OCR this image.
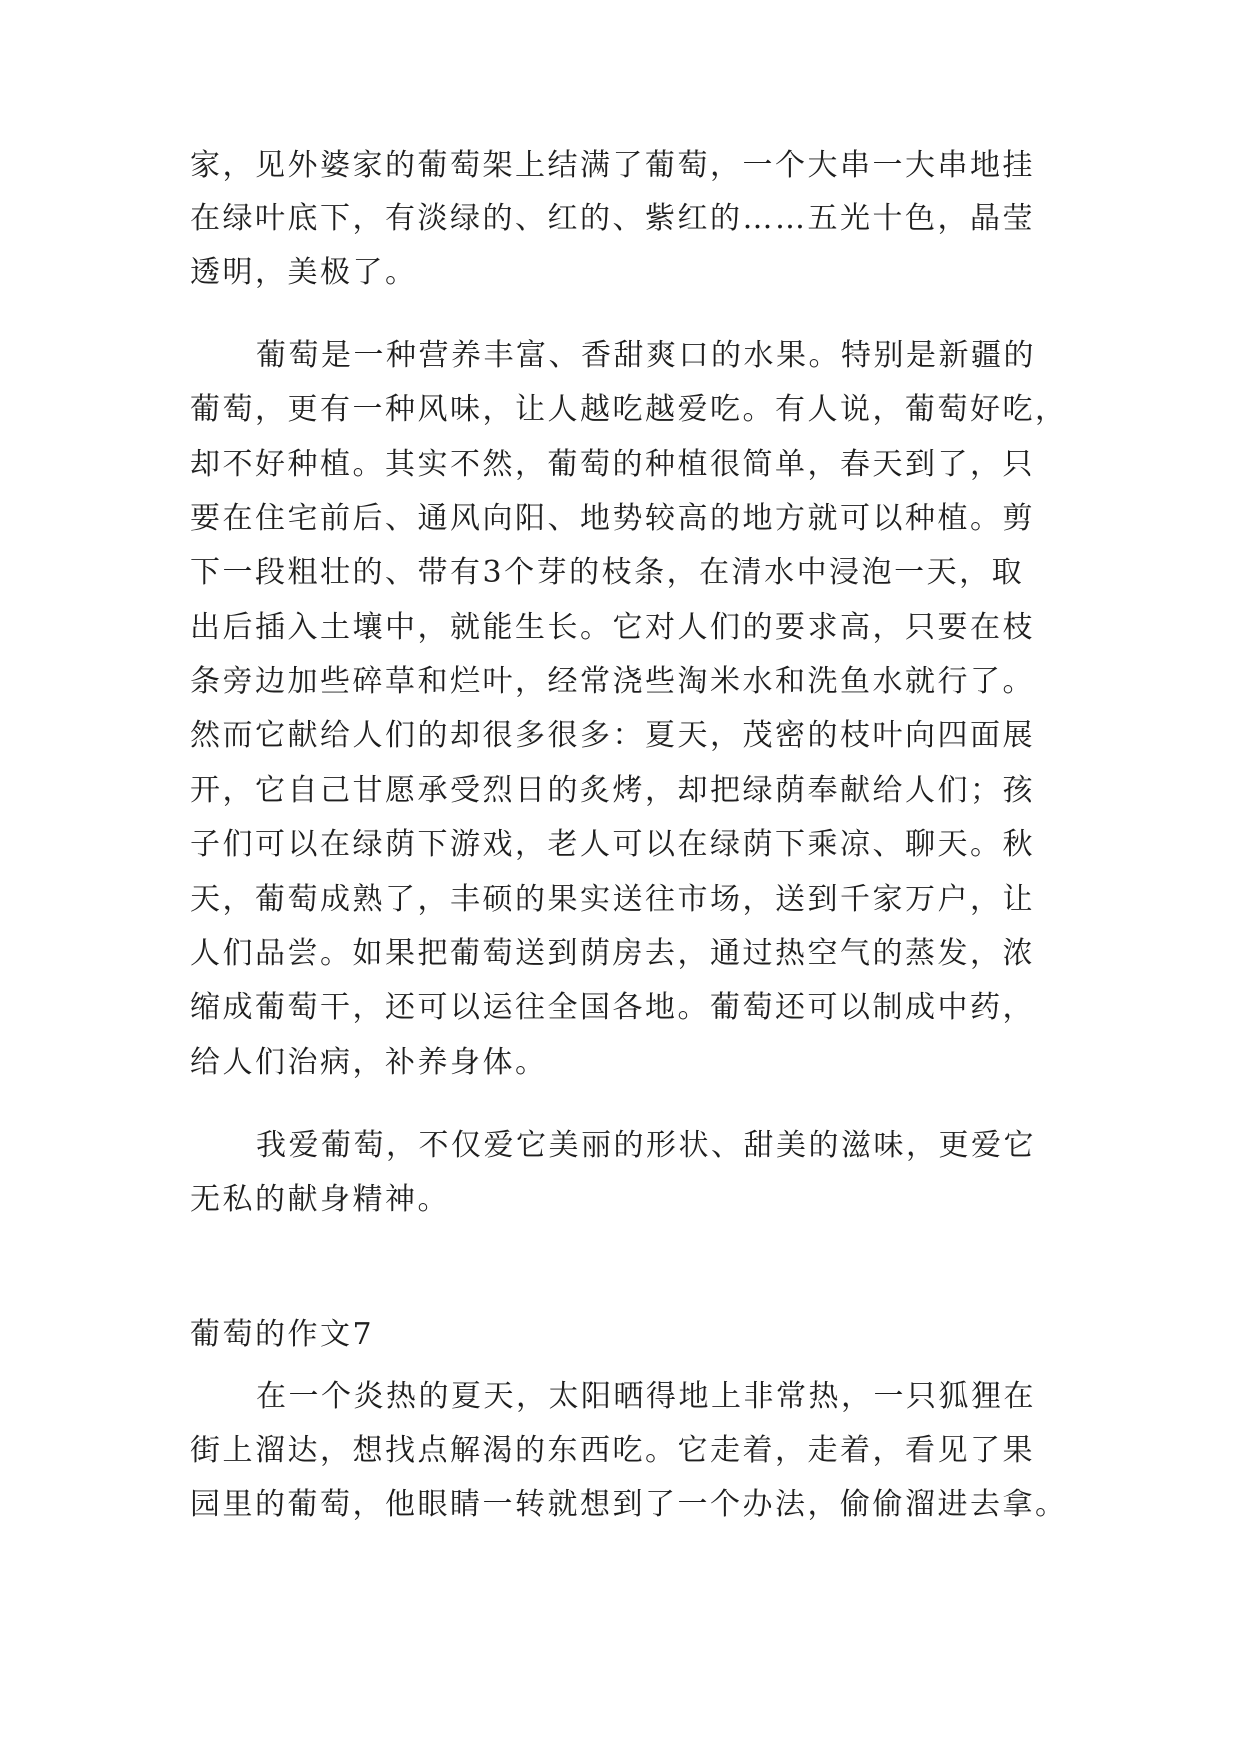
家，见外婆家的葡萄架上结满了葡萄，一个大串一大串地挂
在绿叶底下，有淡绿的、红的、紫红的……五光十色，晶莹
透明，美极了。
葡萄是一种营养丰富、香甜爽口的水果。特别是新疆的
葡萄，更有一种风味，让人越吃越爱吃。有人说，葡萄好吃，
却不好种植。其实不然，葡萄的种植很简单，春天到了，只
要在住宅前后、通风向阳、地势较高的地方就可以种植。剪
下一段粗壮的、带有3个芽的枝条，在清水中浸泡一天，取
出后插入土壤中，就能生长。它对人们的要求高，只要在枝
条旁边加些碎草和烂叶，经常浇些淘米水和洗鱼水就行了。
然而它献给人们的却很多很多：夏天，茂密的枝叶向四面展
开，它自己甘愿承受烈日的炙烤，却把绿荫奉献给人们；孩
子们可以在绿荫下游戏，老人可以在绿荫下乘凉、聊天。秋
天，葡萄成熟了，丰硕的果实送往市场，送到千家万户，让
人们品尝。如果把葡萄送到荫房去，通过热空气的蒸发，浓
缩成葡萄干，还可以运往全国各地。葡萄还可以制成中药，
给人们治病，补养身体。
我爱葡萄，不仅爱它美丽的形状、甜美的滋味，更爱它
无私的献身精神。
葡萄的作文7
在一个炎热的夏天，太阳晒得地上非常热，一只狐狸在
街上溜达，想找点解渴的东西吃。它走着，走着，看见了果
园里的葡萄，他眼睛一转就想到了一个办法，偷偷溜进去拿。
